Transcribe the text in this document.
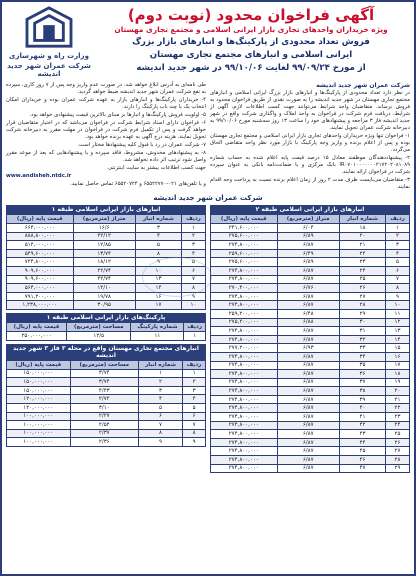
وزارت راه و شهرسازی
شرکت عمران شهر جدید اندیشه
آگهی فراخوان محدود (نوبت دوم)
ویژه خریداران واحدهای تجاری بازار ایرانی اسلامی و مجتمع تجاری مهستان
فروش تعداد محدودی از پارکینگ‌ها و انبارهای بازار بزرگ
ایرانی اسلامی و انبارهای مجتمع تجاری مهستان
از مورخ ۹۹/۰۹/۲۴ لغایت ۹۹/۱۰/۰۶ در شهر جدید اندیشه

شرکت عمران شهر جدید اندیشه

در نظر دارد تعداد محدودی از پارکینگ‌ها و انبارهای بازار بزرگ ایرانی اسلامی و انبارهای مجتمع تجاری مهستان در شهر جدید اندیشه را به صورت نقدی از طریق فراخوان محدود به فروش برساند. متقاضیان واجد شرایط می‌توانند جهت کسب اطلاعات لازم، آگهی از شرایط، دریافت فرم شرکت در فراخوان به واحد املاک و واگذاری شرکت واقع در شهر جدید اندیشه فاز ۳ مراجعه و پیشنهادهای خود را ساعت ۱۳ روز سه‌شنبه مورخ ۹۹/۱۰/۰۶ به دبیرخانه شرکت عمران تحویل نمایند.

۱- فراخوان تنها ویژه خریداران واحدهای تجاری بازار ایرانی اسلامی و مجتمع تجاری مهستان بوده و پس از اعلام برنده و واریز وجه پارکینگ با بازار مورد نظر واحد متقاضی الحاق می‌گردد.

۲- پیشنهاددهندگان موظفند معادل ۱۵ درصد قیمت پایه اعلام شده به حساب شماره IR۰۷۰۱۰۰۰۰۰۰۰۲۱۷۲۰۲۰۸۱۰۸۹ بانک مرکزی و یا ضمانت‌نامه بانکی به عنوان سپرده شرکت در فراخوان ارائه نمایند.

۳- متقاضیان می‌بایست ظرف مدت ۲ روز از زمان اعلام برنده نسبت به پرداخت وجه اقدام نمایند.

طی نامه‌ای به آدرس ابلاغ خواهد شد. در صورت عدم واریز وجه پس از ۷ روز کاری، سپرده به نفع شرکت عمران شهر جدید اندیشه ضبط خواهد گردید.

۴- خریداران پارکینگ‌ها و انبارهای بازار به عهده شرکت عمران بوده و خریداران امکان انتخاب یک یا چند باب پارکینگ را دارند.

۵- اولویت فروش پارکینگ‌ها و انبارها بر مبنای بالاترین قیمت پیشنهادی خواهد بود.

۶- فراخوان دارای اسناد شرایط شرکت در فراخوان می‌باشد که در اختیار متقاضیان قرار خواهد گرفت و پس از تکمیل فرم شرکت در فراخوان در مهلت مقرر به دبیرخانه شرکت تحویل نمایند. هزینه درج آگهی به عهده برنده خواهد بود.

۷- شرکت عمران در رد یا قبول کلیه پیشنهادها مختار است.

۸- به پیشنهادهای مخدوش، مشروط، فاقد سپرده و یا پیشنهادهایی که بعد از موعد مقرر واصل شود ترتیب اثر داده نخواهد شد.

جهت کسب اطلاعات بیشتر به سایت اینترنتی

www.andisheh.ntdc.ir

و یا تلفن‌های ۰۲۱-۶۵۵۲۲۷۷۰ و ۶۵۵۲۰۷۲۴ تماس حاصل نمایید.

شرکت عمران شهر جدید اندیشه
انبارهای بازار ایرانی اسلامی طبقه ۲
ردیف	شماره انبار	متراژ (مترمربع)	قیمت پایه (ریال)
۱	۱۸	۶/۰۴	۲۴۱,۶۰۰,۰۰۰
۲	۲۰	۶/۸۹	۲۷۵,۶۰۰,۰۰۰
۳	۲۱	۶/۸۷	۲۷۴,۸۰۰,۰۰۰
۴	۲۲	۶/۴۹	۲۵۹,۶۰۰,۰۰۰
۵	۲۳	۶/۸۹	۲۷۵,۶۰۰,۰۰۰
۶	۲۴	۶/۸۷	۲۷۴,۸۰۰,۰۰۰
۷	۲۵	۶/۸۷	۲۷۴,۸۰۰,۰۰۰
۸	۲۶	۶/۷۶	۲۷۰,۴۰۰,۰۰۰
۹	۲۷	۶/۸۷	۲۷۴,۸۰۰,۰۰۰
۱۰	۲۸	۶/۸۷	۲۷۴,۸۰۰,۰۰۰
۱۱	۲۹	۶/۴۸	۲۵۹,۲۰۰,۰۰۰
۱۲	۳۰	۶/۸۸	۲۷۵,۲۰۰,۰۰۰
۱۳	۳۱	۶/۸۷	۲۷۴,۸۰۰,۰۰۰
۱۴	۳۲	۶/۸۷	۲۷۴,۸۰۰,۰۰۰
۱۵	۳۳	۶/۹۳	۲۷۷,۲۰۰,۰۰۰
۱۶	۳۴	۶/۸۷	۲۷۴,۸۰۰,۰۰۰
۱۷	۳۵	۶/۸۷	۲۷۴,۸۰۰,۰۰۰
۱۸	۳۶	۶/۸۷	۲۷۴,۸۰۰,۰۰۰
۱۹	۳۷	۶/۸۷	۲۷۴,۸۰۰,۰۰۰
۲۰	۳۸	۶/۸۷	۲۷۴,۸۰۰,۰۰۰
۲۱	۳۹	۶/۸۷	۲۷۴,۸۰۰,۰۰۰
۲۲	۴۰	۶/۸۷	۲۷۴,۸۰۰,۰۰۰
۲۳	۴۱	۶/۸۷	۲۷۴,۸۰۰,۰۰۰
۲۴	۴۲	۶/۸۷	۲۷۴,۸۰۰,۰۰۰
۲۵	۴۳	۶/۸۷	۲۷۴,۸۰۰,۰۰۰
۲۶	۴۴	۶/۸۷	۲۷۴,۸۰۰,۰۰۰
۲۷	۴۵	۶/۸۷	۲۷۴,۸۰۰,۰۰۰
۲۸	۴۶	۶/۸۷	۲۷۴,۸۰۰,۰۰۰
۲۹	۴۷	۶/۸۷	۲۷۴,۸۰۰,۰۰۰
انبارهای بازار ایرانی اسلامی طبقه ۱
ردیف	شماره انبار	متراژ (مترمربع)	قیمت پایه (ریال)
۱	۳	۱۶/۶	۶۶۴,۰۰۰,۰۰۰
۲	۴	۲۲/۱۲	۸۸۸,۸۰۰,۰۰۰
۳	۵	۱۲/۸۵	۵۱۴,۰۰۰,۰۰۰
۴	۸	۱۳/۷۴	۵۴۹,۶۰۰,۰۰۰
۵	۹	۱۸/۱۲	۷۲۴,۸۰۰,۰۰۰
۶	۱۰	۲۲/۷۴	۹۰۹,۶۰۰,۰۰۰
۷	۱۳	۲۲/۷۴	۹۰۹,۶۰۰,۰۰۰
۸	۱۴	۱۴/۱۰	۵۶۴,۰۰۰,۰۰۰
۹	۱۶	۱۹/۷۸	۷۹۱,۲۰۰,۰۰۰
۱۰	۱۷	۳۰/۹۵	۱,۲۳۸,۰۰۰,۰۰۰
پارکینگ‌های بازار ایرانی اسلامی طبقه ۱
ردیف	شماره پارکینگ	مساحت (مترمربع)	قیمت پایه (ریال)
۱	۱۱	۱۲/۵	۲۵۰,۰۰۰,۰۰۰
انبارهای مجتمع تجاری مهستان واقع در محله ۳ فاز ۳ شهر جدید اندیشه
ردیف	شماره انبار	مساحت (مترمربع)	قیمت پایه (ریال)
۱	۱	۳/۷۴	۱۵۰,۰۰۰,۰۰۰
۲	۲	۳/۷۴	۱۵۰,۰۰۰,۰۰۰
۳	۳	۴/۴۳	۱۵۰,۰۰۰,۰۰۰
۴	۴	۲/۷۲	۱۲۰,۰۰۰,۰۰۰
۵	۵	۳/۱۰	۱۲۰,۰۰۰,۰۰۰
۶	۶	۲/۲۷	۱۰۰,۰۰۰,۰۰۰
۷	۷	۲/۵۴	۱۰۰,۰۰۰,۰۰۰
۸	۸	۲/۳۷	۱۰۰,۰۰۰,۰۰۰
۹	۹	۲/۳۶	۱۰۰,۰۰۰,۰۰۰
